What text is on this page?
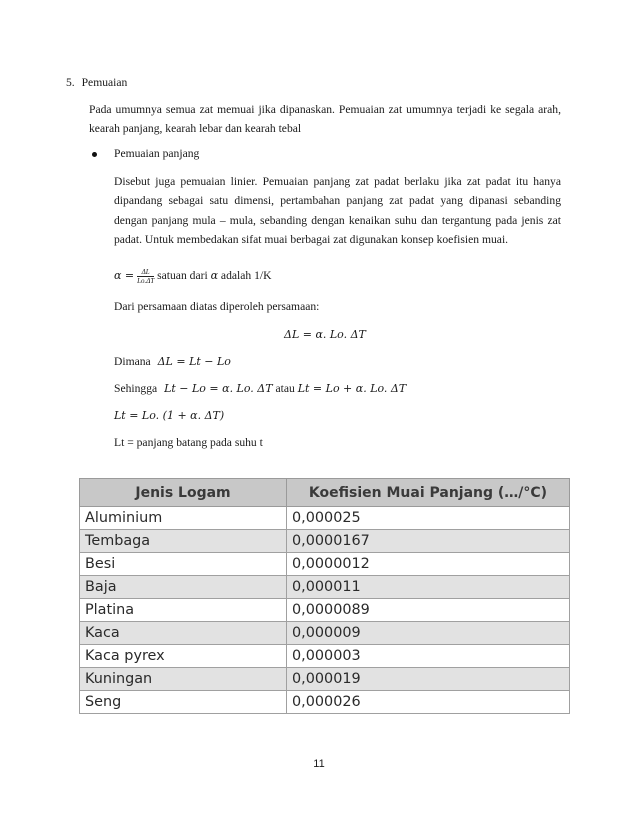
5. Pemuaian
Pada umumnya semua zat memuai jika dipanaskan. Pemuaian zat umumnya terjadi ke segala arah, kearah panjang, kearah lebar dan kearah tebal
Pemuaian panjang
Disebut juga pemuaian linier. Pemuaian panjang zat padat berlaku jika zat padat itu hanya dipandang sebagai satu dimensi, pertambahan panjang zat padat yang dipanasi sebanding dengan panjang mula – mula, sebanding dengan kenaikan suhu dan tergantung pada jenis zat padat. Untuk membedakan sifat muai berbagai zat digunakan konsep koefisien muai.
$\alpha = \frac{\Delta L}{Lo.\Delta T}$ satuan dari α adalah 1/K
Dari persamaan diatas diperoleh persamaan:
ΔL = α. Lo. ΔT
Dimana ΔL = Lt − Lo
Sehingga Lt − Lo = α. Lo. ΔT atau Lt = Lo + α. Lo. ΔT
Lt = Lo. (1 + α. ΔT)
Lt = panjang batang pada suhu t
Jenis Logam	Koefisien Muai Panjang (…/°C)
Aluminium	0,000025
Tembaga	0,0000167
Besi	0,0000012
Baja	0,000011
Platina	0,0000089
Kaca	0,000009
Kaca pyrex	0,000003
Kuningan	0,000019
Seng	0,000026
11
